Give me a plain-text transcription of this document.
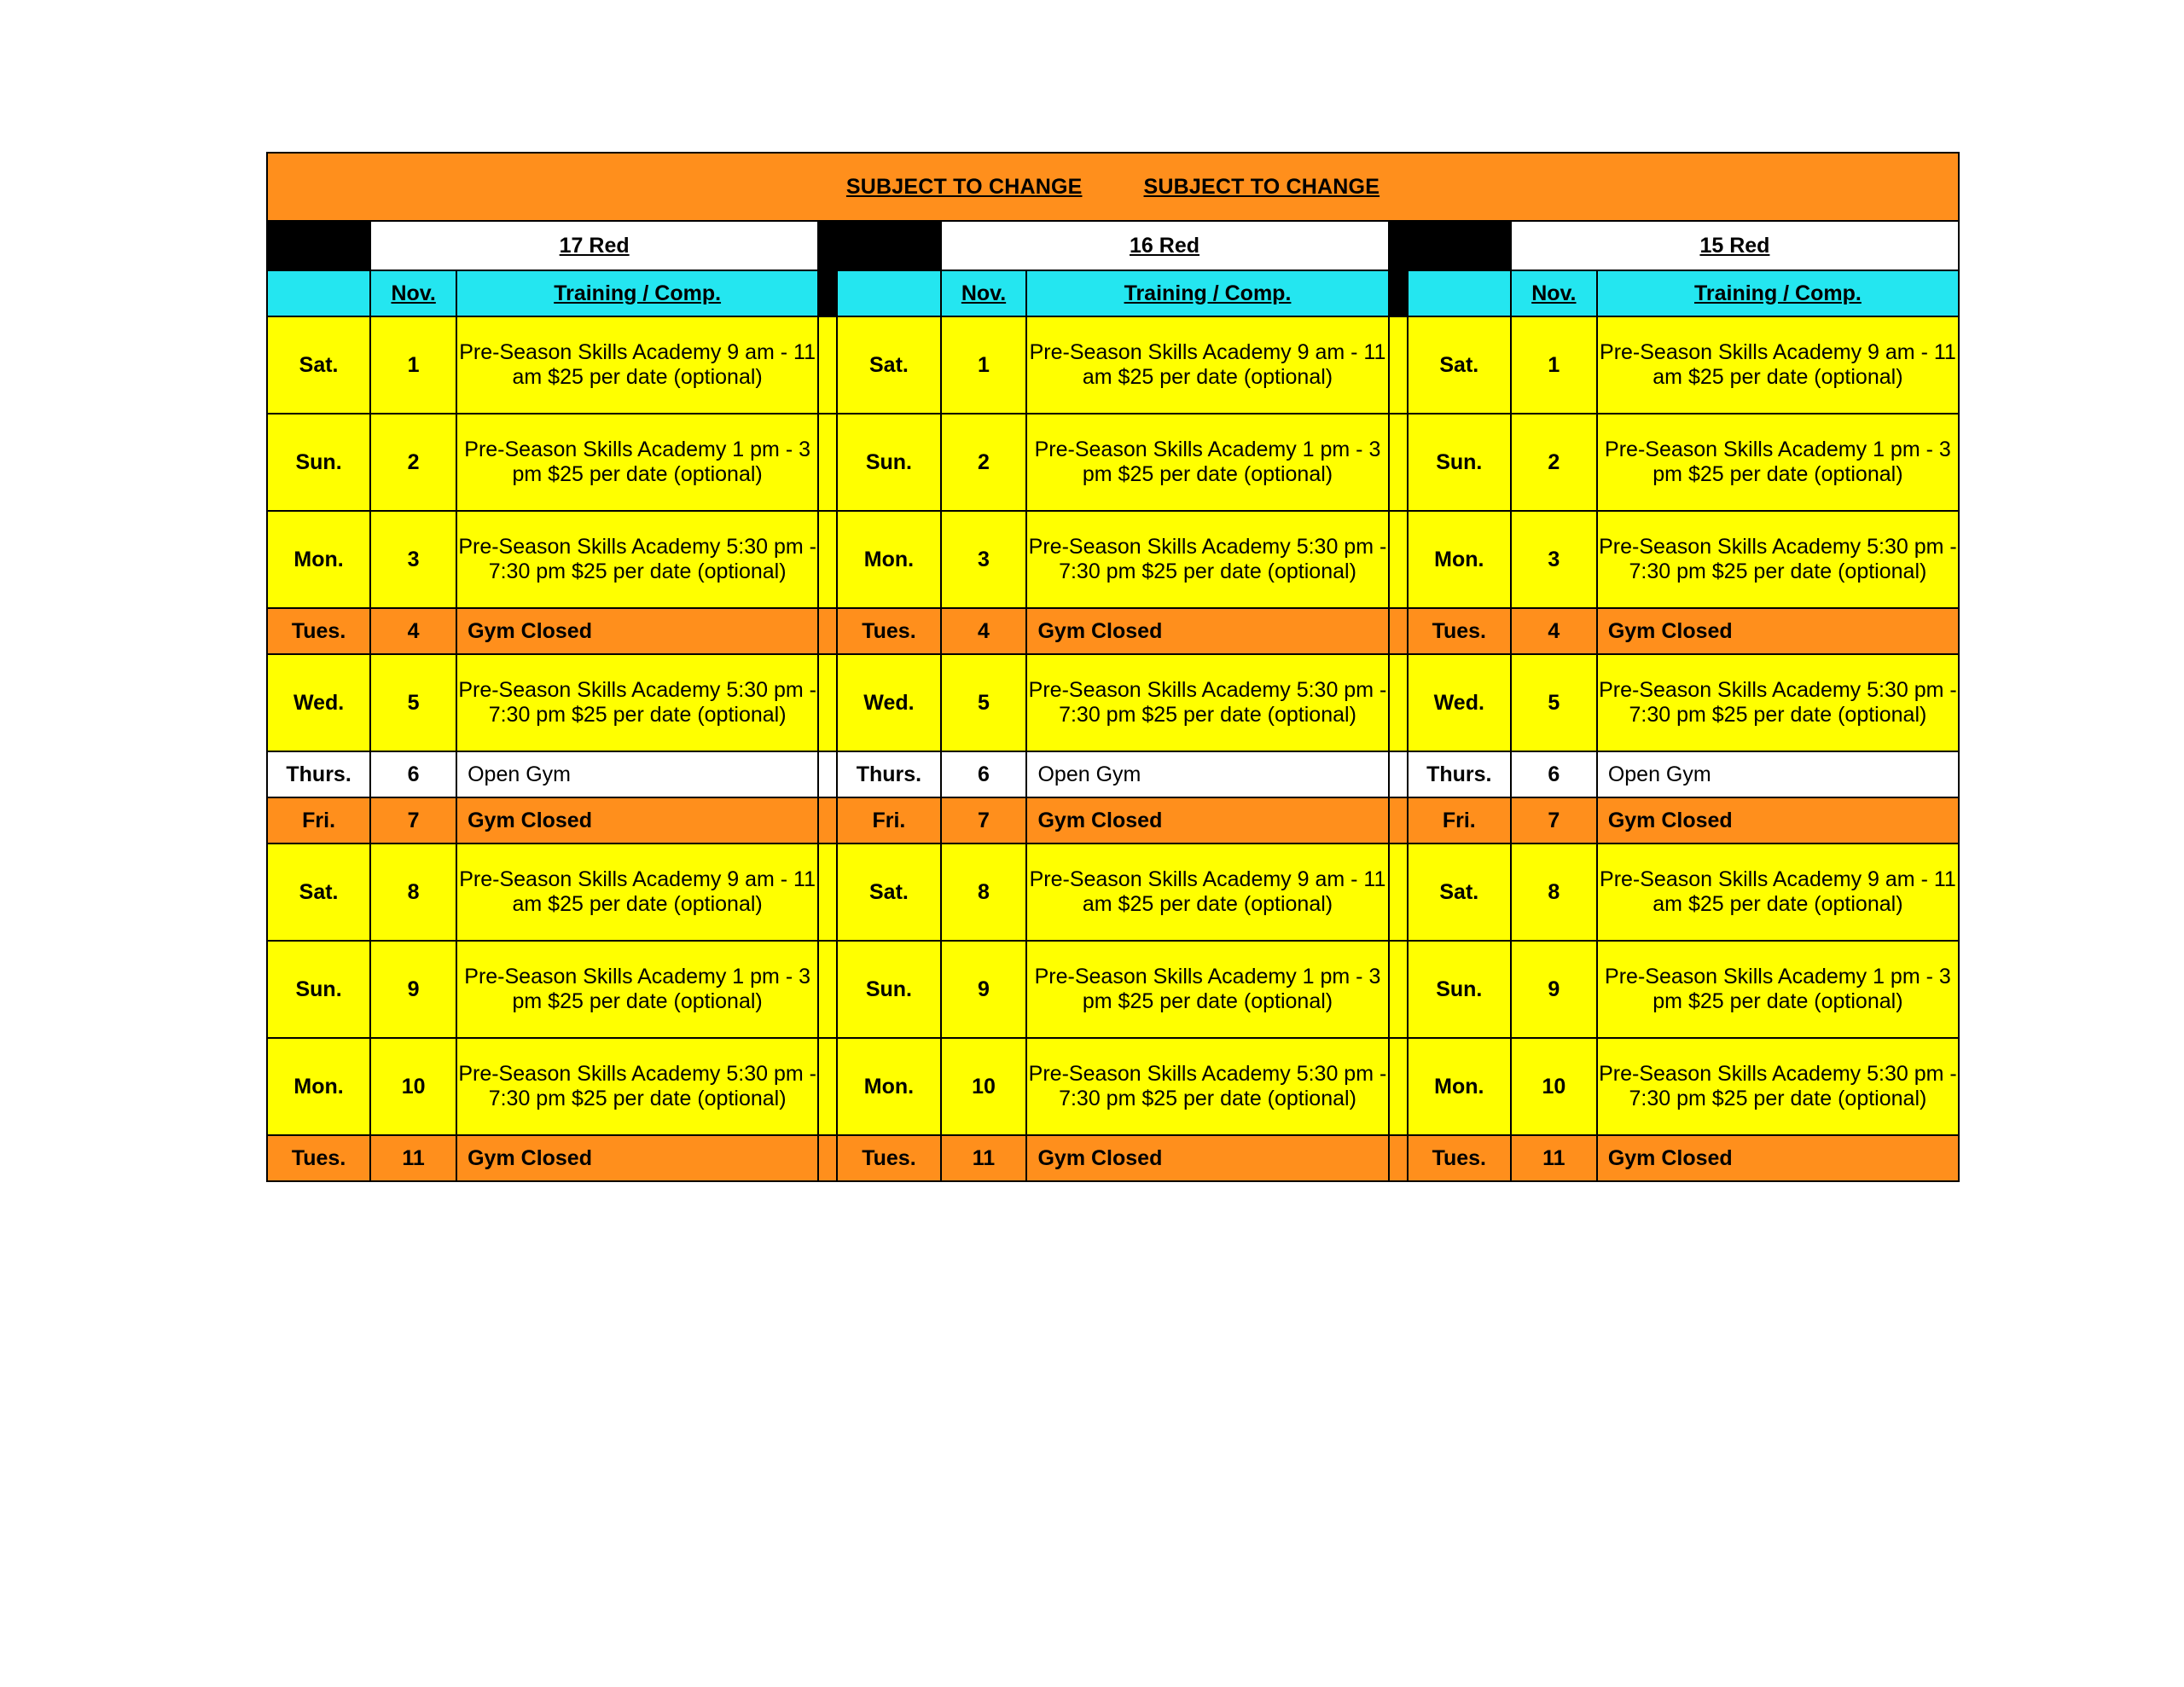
SUBJECT TO CHANGE SUBJECT TO CHANGE										
	17 Red				16 Red				15 Red	
	Nov.	Training / Comp.			Nov.	Training / Comp.			Nov.	Training / Comp.
Sat.	1	Pre-Season Skills Academy 9 am - 11 am $25 per date (optional)		Sat.	1	Pre-Season Skills Academy 9 am - 11 am $25 per date (optional)		Sat.	1	Pre-Season Skills Academy 9 am - 11 am $25 per date (optional)
Sun.	2	Pre-Season Skills Academy 1 pm - 3 pm $25 per date (optional)		Sun.	2	Pre-Season Skills Academy 1 pm - 3 pm $25 per date (optional)		Sun.	2	Pre-Season Skills Academy 1 pm - 3 pm $25 per date (optional)
Mon.	3	Pre-Season Skills Academy 5:30 pm - 7:30 pm $25 per date (optional)		Mon.	3	Pre-Season Skills Academy 5:30 pm - 7:30 pm $25 per date (optional)		Mon.	3	Pre-Season Skills Academy 5:30 pm - 7:30 pm $25 per date (optional)
Tues.	4	Gym Closed		Tues.	4	Gym Closed		Tues.	4	Gym Closed
Wed.	5	Pre-Season Skills Academy 5:30 pm - 7:30 pm $25 per date (optional)		Wed.	5	Pre-Season Skills Academy 5:30 pm - 7:30 pm $25 per date (optional)		Wed.	5	Pre-Season Skills Academy 5:30 pm - 7:30 pm $25 per date (optional)
Thurs.	6	Open Gym		Thurs.	6	Open Gym		Thurs.	6	Open Gym
Fri.	7	Gym Closed		Fri.	7	Gym Closed		Fri.	7	Gym Closed
Sat.	8	Pre-Season Skills Academy 9 am - 11 am $25 per date (optional)		Sat.	8	Pre-Season Skills Academy 9 am - 11 am $25 per date (optional)		Sat.	8	Pre-Season Skills Academy 9 am - 11 am $25 per date (optional)
Sun.	9	Pre-Season Skills Academy 1 pm - 3 pm $25 per date (optional)		Sun.	9	Pre-Season Skills Academy 1 pm - 3 pm $25 per date (optional)		Sun.	9	Pre-Season Skills Academy 1 pm - 3 pm $25 per date (optional)
Mon.	10	Pre-Season Skills Academy 5:30 pm - 7:30 pm $25 per date (optional)		Mon.	10	Pre-Season Skills Academy 5:30 pm - 7:30 pm $25 per date (optional)		Mon.	10	Pre-Season Skills Academy 5:30 pm - 7:30 pm $25 per date (optional)
Tues.	11	Gym Closed		Tues.	11	Gym Closed		Tues.	11	Gym Closed
